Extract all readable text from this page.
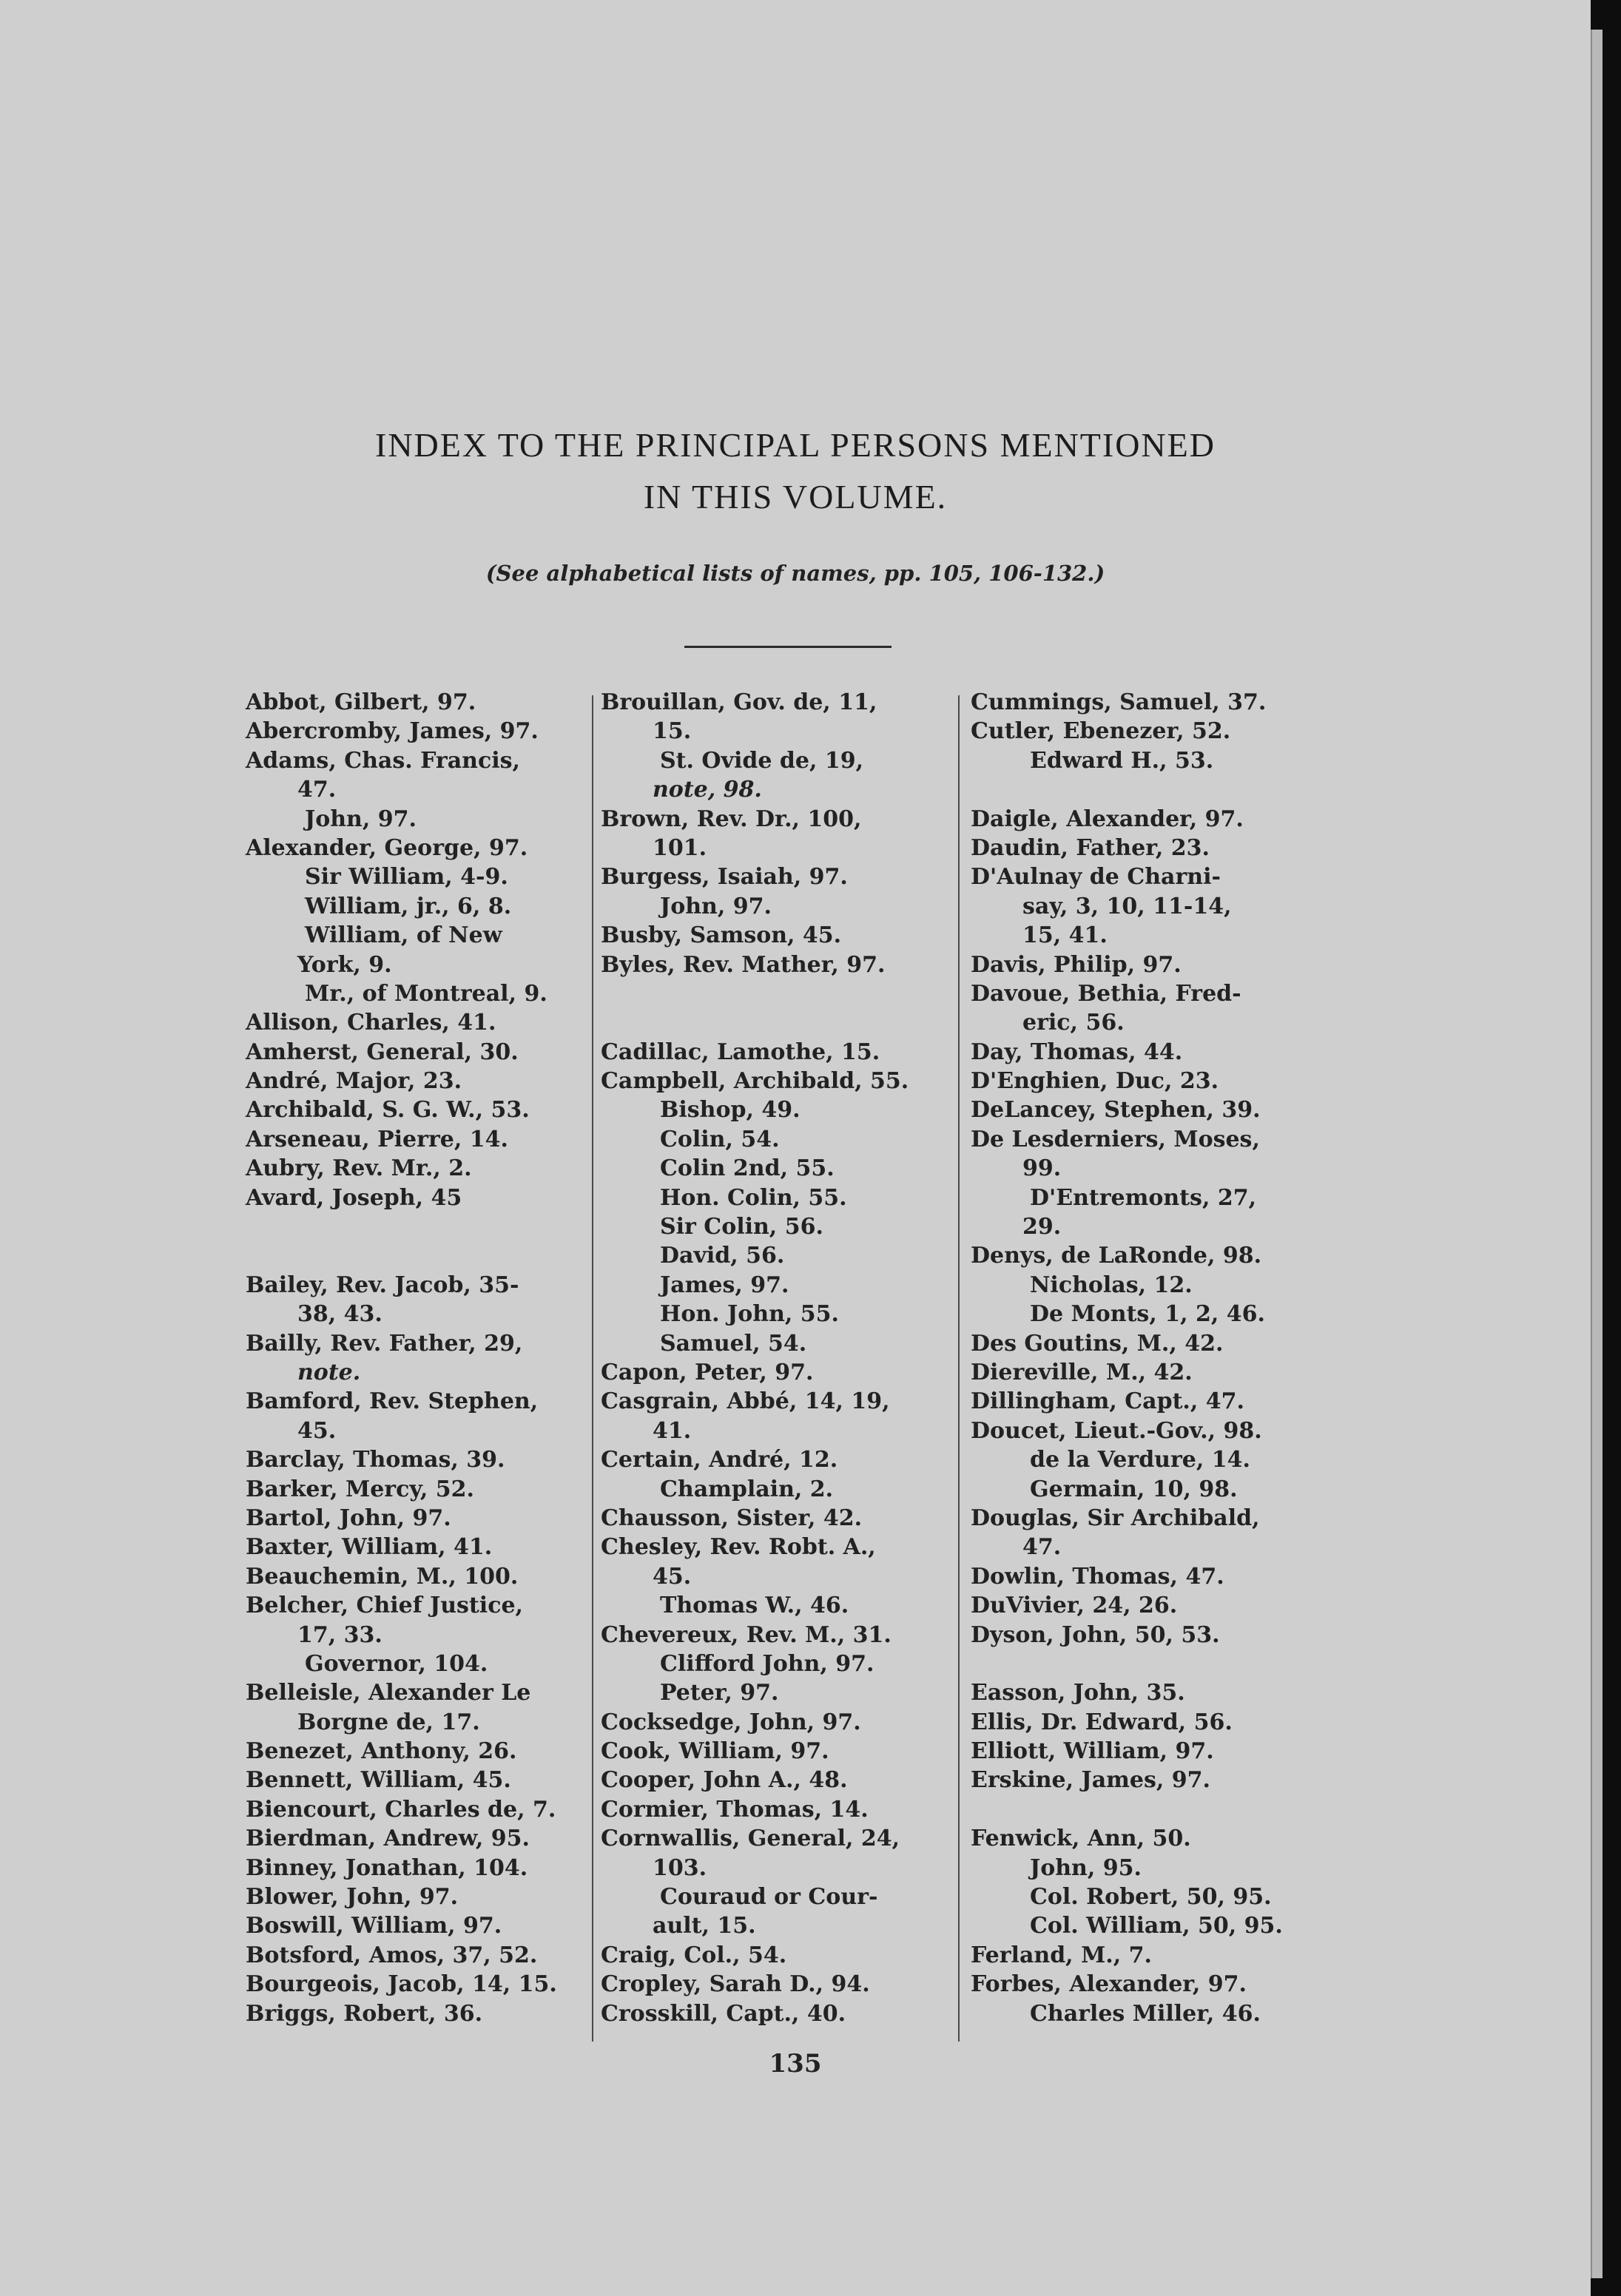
INDEX TO THE PRINCIPAL PERSONS MENTIONED
IN THIS VOLUME.
(See alphabetical lists of names, pp. 105, 106-132.)
Abbot, Gilbert, 97.
Abercromby, James, 97.
Adams, Chas. Francis,
47.
John, 97.
Alexander, George, 97.
Sir William, 4-9.
William, jr., 6, 8.
William, of New
York, 9.
Mr., of Montreal, 9.
Allison, Charles, 41.
Amherst, General, 30.
André, Major, 23.
Archibald, S. G. W., 53.
Arseneau, Pierre, 14.
Aubry, Rev. Mr., 2.
Avard, Joseph, 45
Bailey, Rev. Jacob, 35-
38, 43.
Bailly, Rev. Father, 29,
note.
Bamford, Rev. Stephen,
45.
Barclay, Thomas, 39.
Barker, Mercy, 52.
Bartol, John, 97.
Baxter, William, 41.
Beauchemin, M., 100.
Belcher, Chief Justice,
17, 33.
Governor, 104.
Belleisle, Alexander Le
Borgne de, 17.
Benezet, Anthony, 26.
Bennett, William, 45.
Biencourt, Charles de, 7.
Bierdman, Andrew, 95.
Binney, Jonathan, 104.
Blower, John, 97.
Boswill, William, 97.
Botsford, Amos, 37, 52.
Bourgeois, Jacob, 14, 15.
Briggs, Robert, 36.
Brouillan, Gov. de, 11,
15.
St. Ovide de, 19,
note, 98.
Brown, Rev. Dr., 100,
101.
Burgess, Isaiah, 97.
John, 97.
Busby, Samson, 45.
Byles, Rev. Mather, 97.
Cadillac, Lamothe, 15.
Campbell, Archibald, 55.
Bishop, 49.
Colin, 54.
Colin 2nd, 55.
Hon. Colin, 55.
Sir Colin, 56.
David, 56.
James, 97.
Hon. John, 55.
Samuel, 54.
Capon, Peter, 97.
Casgrain, Abbé, 14, 19,
41.
Certain, André, 12.
Champlain, 2.
Chausson, Sister, 42.
Chesley, Rev. Robt. A.,
45.
Thomas W., 46.
Chevereux, Rev. M., 31.
Clifford John, 97.
Peter, 97.
Cocksedge, John, 97.
Cook, William, 97.
Cooper, John A., 48.
Cormier, Thomas, 14.
Cornwallis, General, 24,
103.
Couraud or Cour-
ault, 15.
Craig, Col., 54.
Cropley, Sarah D., 94.
Crosskill, Capt., 40.
Cummings, Samuel, 37.
Cutler, Ebenezer, 52.
Edward H., 53.
Daigle, Alexander, 97.
Daudin, Father, 23.
D'Aulnay de Charni-
say, 3, 10, 11-14,
15, 41.
Davis, Philip, 97.
Davoue, Bethia, Fred-
eric, 56.
Day, Thomas, 44.
D'Enghien, Duc, 23.
DeLancey, Stephen, 39.
De Lesderniers, Moses,
99.
D'Entremonts, 27,
29.
Denys, de LaRonde, 98.
Nicholas, 12.
De Monts, 1, 2, 46.
Des Goutins, M., 42.
Diereville, M., 42.
Dillingham, Capt., 47.
Doucet, Lieut.-Gov., 98.
de la Verdure, 14.
Germain, 10, 98.
Douglas, Sir Archibald,
47.
Dowlin, Thomas, 47.
DuVivier, 24, 26.
Dyson, John, 50, 53.
Easson, John, 35.
Ellis, Dr. Edward, 56.
Elliott, William, 97.
Erskine, James, 97.
Fenwick, Ann, 50.
John, 95.
Col. Robert, 50, 95.
Col. William, 50, 95.
Ferland, M., 7.
Forbes, Alexander, 97.
Charles Miller, 46.
135
